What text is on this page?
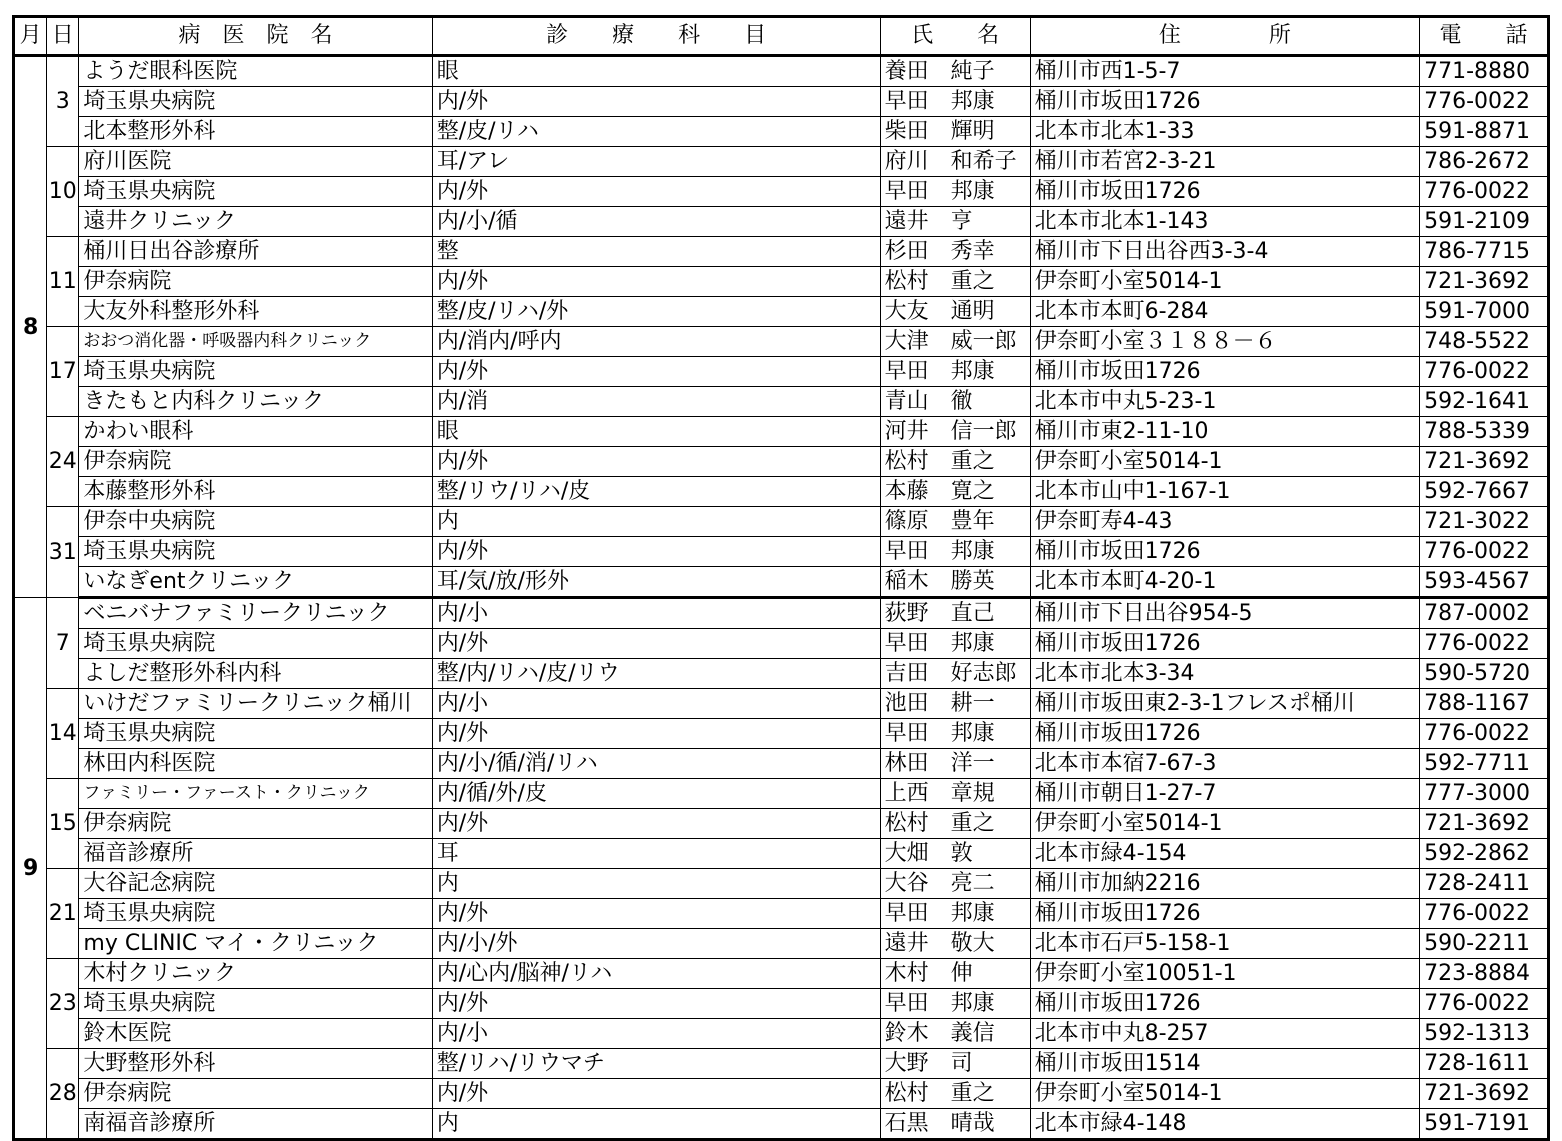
月	日	病　医　院　名	診　　療　　科　　目	氏　　名	住　　　　所	電　　話
8	3	ようだ眼科医院	眼	養田　純子	桶川市西1-5-7	771-8880
		埼玉県央病院	内/外	早田　邦康	桶川市坂田1726	776-0022
		北本整形外科	整/皮/リハ	柴田　輝明	北本市北本1-33	591-8871
	10	府川医院	耳/アレ	府川　和希子	桶川市若宮2-3-21	786-2672
		埼玉県央病院	内/外	早田　邦康	桶川市坂田1726	776-0022
		遠井クリニック	内/小/循	遠井　亨	北本市北本1-143	591-2109
	11	桶川日出谷診療所	整	杉田　秀幸	桶川市下日出谷西3-3-4	786-7715
		伊奈病院	内/外	松村　重之	伊奈町小室5014-1	721-3692
		大友外科整形外科	整/皮/リハ/外	大友　通明	北本市本町6-284	591-7000
	17	おおつ消化器・呼吸器内科クリニック	内/消内/呼内	大津　威一郎	伊奈町小室３１８８－６	748-5522
		埼玉県央病院	内/外	早田　邦康	桶川市坂田1726	776-0022
		きたもと内科クリニック	内/消	青山　徹	北本市中丸5-23-1	592-1641
	24	かわい眼科	眼	河井　信一郎	桶川市東2-11-10	788-5339
		伊奈病院	内/外	松村　重之	伊奈町小室5014-1	721-3692
		本藤整形外科	整/リウ/リハ/皮	本藤　寛之	北本市山中1-167-1	592-7667
	31	伊奈中央病院	内	篠原　豊年	伊奈町寿4-43	721-3022
		埼玉県央病院	内/外	早田　邦康	桶川市坂田1726	776-0022
		いなぎentクリニック	耳/気/放/形外	稲木　勝英	北本市本町4-20-1	593-4567
9	7	ベニバナファミリークリニック	内/小	荻野　直己	桶川市下日出谷954-5	787-0002
		埼玉県央病院	内/外	早田　邦康	桶川市坂田1726	776-0022
		よしだ整形外科内科	整/内/リハ/皮/リウ	吉田　好志郎	北本市北本3-34	590-5720
	14	いけだファミリークリニック桶川	内/小	池田　耕一	桶川市坂田東2-3-1フレスポ桶川	788-1167
		埼玉県央病院	内/外	早田　邦康	桶川市坂田1726	776-0022
		林田内科医院	内/小/循/消/リハ	林田　洋一	北本市本宿7-67-3	592-7711
	15	ファミリー・ファースト・クリニック	内/循/外/皮	上西　章規	桶川市朝日1-27-7	777-3000
		伊奈病院	内/外	松村　重之	伊奈町小室5014-1	721-3692
		福音診療所	耳	大畑　敦	北本市緑4-154	592-2862
	21	大谷記念病院	内	大谷　亮二	桶川市加納2216	728-2411
		埼玉県央病院	内/外	早田　邦康	桶川市坂田1726	776-0022
		my CLINIC マイ・クリニック	内/小/外	遠井　敬大	北本市石戸5-158-1	590-2211
	23	木村クリニック	内/心内/脳神/リハ	木村　伸	伊奈町小室10051-1	723-8884
		埼玉県央病院	内/外	早田　邦康	桶川市坂田1726	776-0022
		鈴木医院	内/小	鈴木　義信	北本市中丸8-257	592-1313
	28	大野整形外科	整/リハ/リウマチ	大野　司	桶川市坂田1514	728-1611
		伊奈病院	内/外	松村　重之	伊奈町小室5014-1	721-3692
		南福音診療所	内	石黒　晴哉	北本市緑4-148	591-7191
